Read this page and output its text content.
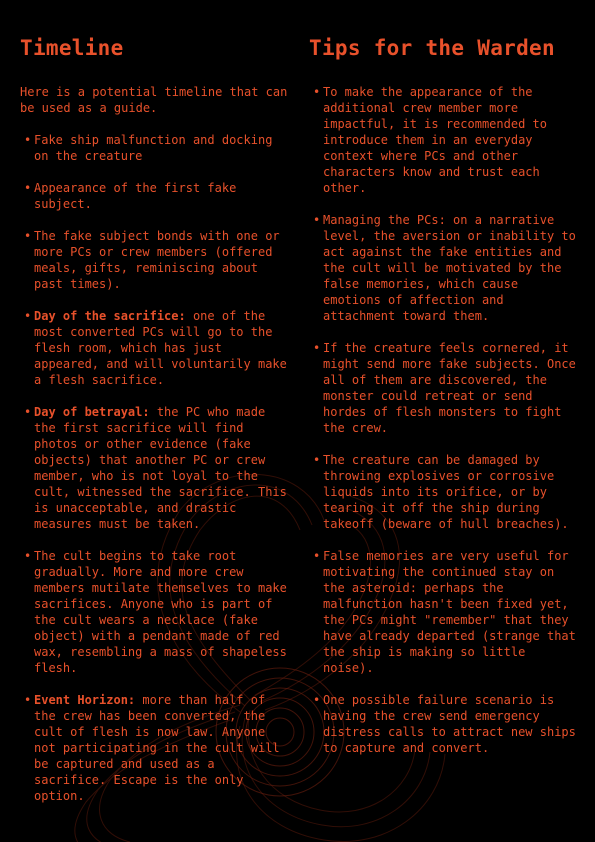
Timeline

Here is a potential timeline that can be used as a guide.

• Fake ship malfunction and docking on the creature
• Appearance of the first fake subject.
• The fake subject bonds with one or more PCs or crew members (offered meals, gifts, reminiscing about past times).
• Day of the sacrifice: one of the most converted PCs will go to the flesh room, which has just appeared, and will voluntarily make a flesh sacrifice.
• Day of betrayal: the PC who made the first sacrifice will find photos or other evidence (fake objects) that another PC or crew member, who is not loyal to the cult, witnessed the sacrifice. This is unacceptable, and drastic measures must be taken.
• The cult begins to take root gradually. More and more crew members mutilate themselves to make sacrifices. Anyone who is part of the cult wears a necklace (fake object) with a pendant made of red wax, resembling a mass of shapeless flesh.
• Event Horizon: more than half of the crew has been converted, the cult of flesh is now law. Anyone not participating in the cult will be captured and used as a sacrifice. Escape is the only option.
Tips for the Warden
• To make the appearance of the additional crew member more impactful, it is recommended to introduce them in an everyday context where PCs and other characters know and trust each other.
• Managing the PCs: on a narrative level, the aversion or inability to act against the fake entities and the cult will be motivated by the false memories, which cause emotions of affection and attachment toward them.
• If the creature feels cornered, it might send more fake subjects. Once all of them are discovered, the monster could retreat or send hordes of flesh monsters to fight the crew.
• The creature can be damaged by throwing explosives or corrosive liquids into its orifice, or by tearing it off the ship during takeoff (beware of hull breaches).
• False memories are very useful for motivating the continued stay on the asteroid: perhaps the malfunction hasn't been fixed yet, the PCs might "remember" that they have already departed (strange that the ship is making so little noise).
• One possible failure scenario is having the crew send emergency distress calls to attract new ships to capture and convert.
